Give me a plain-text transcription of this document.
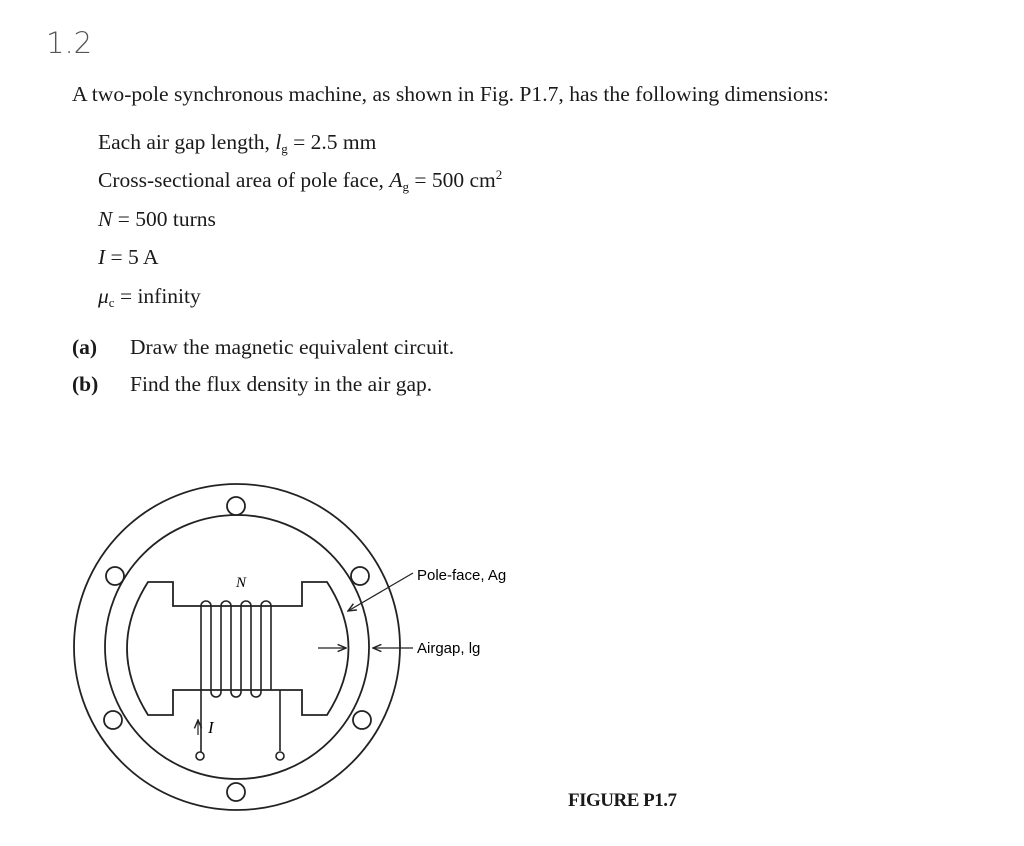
1.2
A two-pole synchronous machine, as shown in Fig. P1.7, has the following dimensions:
Each air gap length, $l_g = 2.5$ mm
Cross-sectional area of pole face, $A_g = 500$ $cm^2$
N = 500 turns
I = 5 A
$\mu_c$ = infinity
(a) Draw the magnetic equivalent circuit.
(b) Find the flux density in the air gap.
N
I
Pole-face, Ag
Airgap, lg
FIGURE P1.7
